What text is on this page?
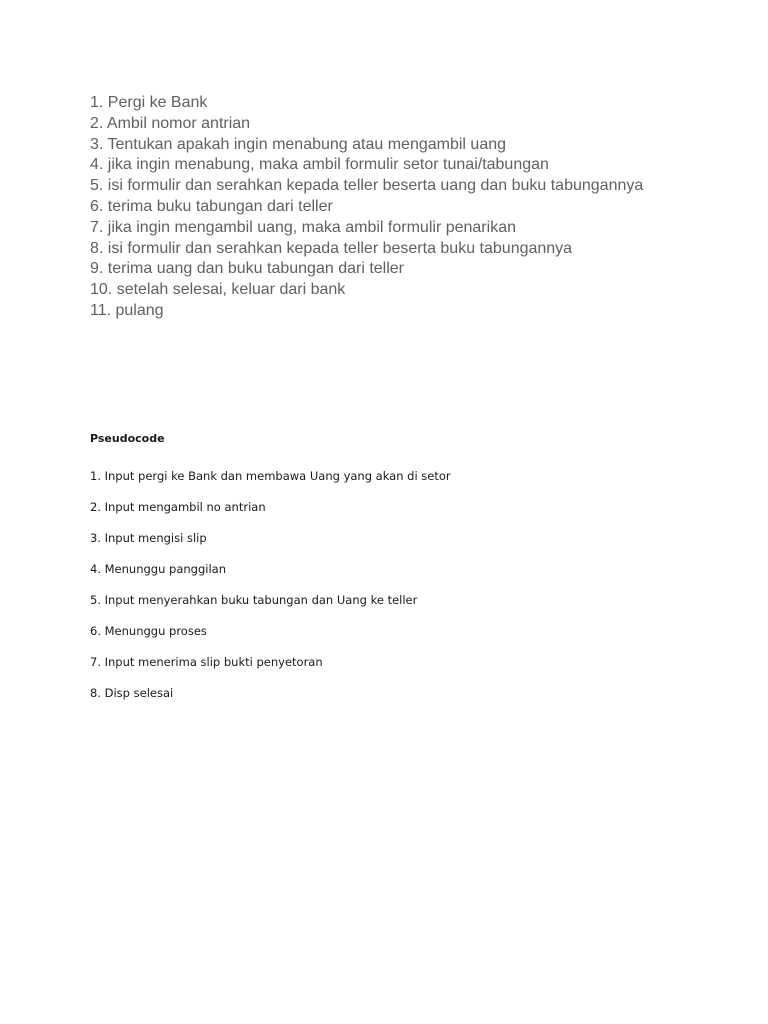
1. Pergi ke Bank
2. Ambil nomor antrian
3. Tentukan apakah ingin menabung atau mengambil uang
4. jika ingin menabung, maka ambil formulir setor tunai/tabungan
5. isi formulir dan serahkan kepada teller beserta uang dan buku tabungannya
6. terima buku tabungan dari teller
7. jika ingin mengambil uang, maka ambil formulir penarikan
8. isi formulir dan serahkan kepada teller beserta buku tabungannya
9. terima uang dan buku tabungan dari teller
10. setelah selesai, keluar dari bank
11. pulang
Pseudocode
1. Input pergi ke Bank dan membawa Uang yang akan di setor
2. Input mengambil no antrian
3. Input mengisi slip
4. Menunggu panggilan
5. Input menyerahkan buku tabungan dan Uang ke teller
6. Menunggu proses
7. Input menerima slip bukti penyetoran
8. Disp selesai
